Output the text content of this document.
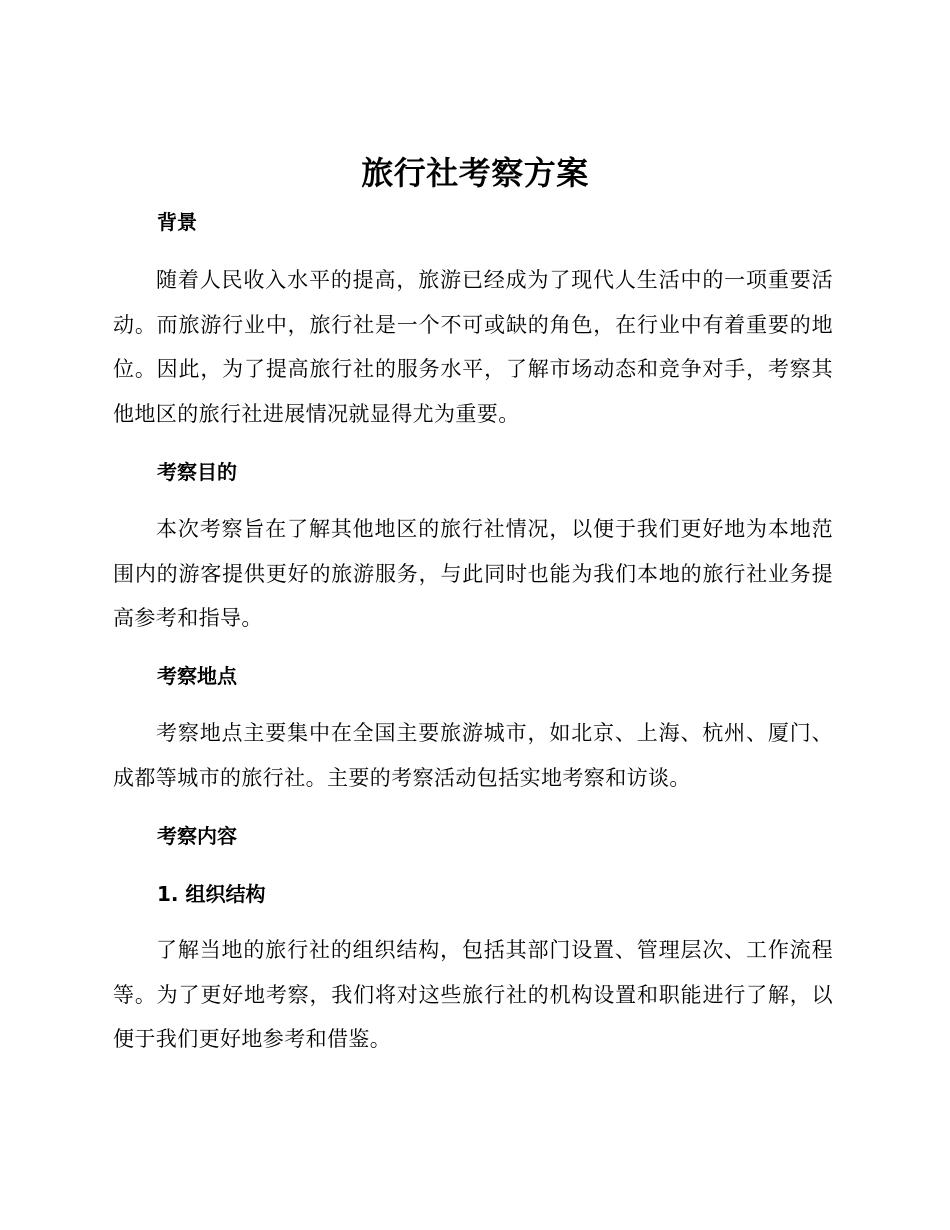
旅行社考察方案
背景
随着人民收入水平的提高，旅游已经成为了现代人生活中的一项重要活动。而旅游行业中，旅行社是一个不可或缺的角色，在行业中有着重要的地位。因此，为了提高旅行社的服务水平，了解市场动态和竞争对手，考察其他地区的旅行社进展情况就显得尤为重要。
考察目的
本次考察旨在了解其他地区的旅行社情况，以便于我们更好地为本地范围内的游客提供更好的旅游服务，与此同时也能为我们本地的旅行社业务提高参考和指导。
考察地点
考察地点主要集中在全国主要旅游城市，如北京、上海、杭州、厦门、成都等城市的旅行社。主要的考察活动包括实地考察和访谈。
考察内容
1. 组织结构
了解当地的旅行社的组织结构，包括其部门设置、管理层次、工作流程等。为了更好地考察，我们将对这些旅行社的机构设置和职能进行了解，以便于我们更好地参考和借鉴。
